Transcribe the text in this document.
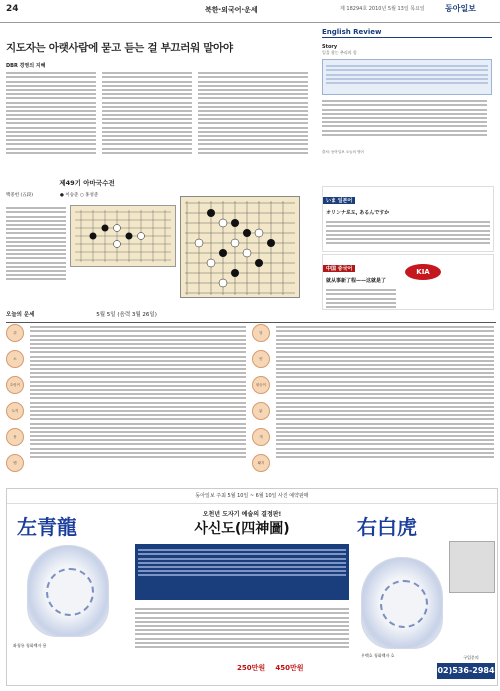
24	북한·외국어·운세	제 18294호 2010년 5월 13일 목요일	동아일보
지도자는 아랫사람에 묻고 듣는 걸 부끄러워 말아야
DBR 경영의 지혜
English Review
Story
일을 찾는 추리의 힘
출처: 동아일보 오늘의 영어
いま 일본어
オリンナ로도, あるんですか
中国 중국어
就从事新了程——这就是了
KIA
제49기 아마국수전
백중헌 (五段)	● 이승준 ○ 홍성준
오늘의 운세	5월 5일 (음력 3월 26일)
쥐
소
호랑이
토끼
용
뱀
말
양
원숭이
닭
개
돼지
동아일보 주최 5월 10일 ~ 6월 10일 사진 예약판매
左青龍
좌청룡 청화백자 용
오천년 도자기 예술의 결정판!
사신도(四神圖)
250만원 450만원
右白虎
우백호 청화백자 호	구입문의
02)536-2984
